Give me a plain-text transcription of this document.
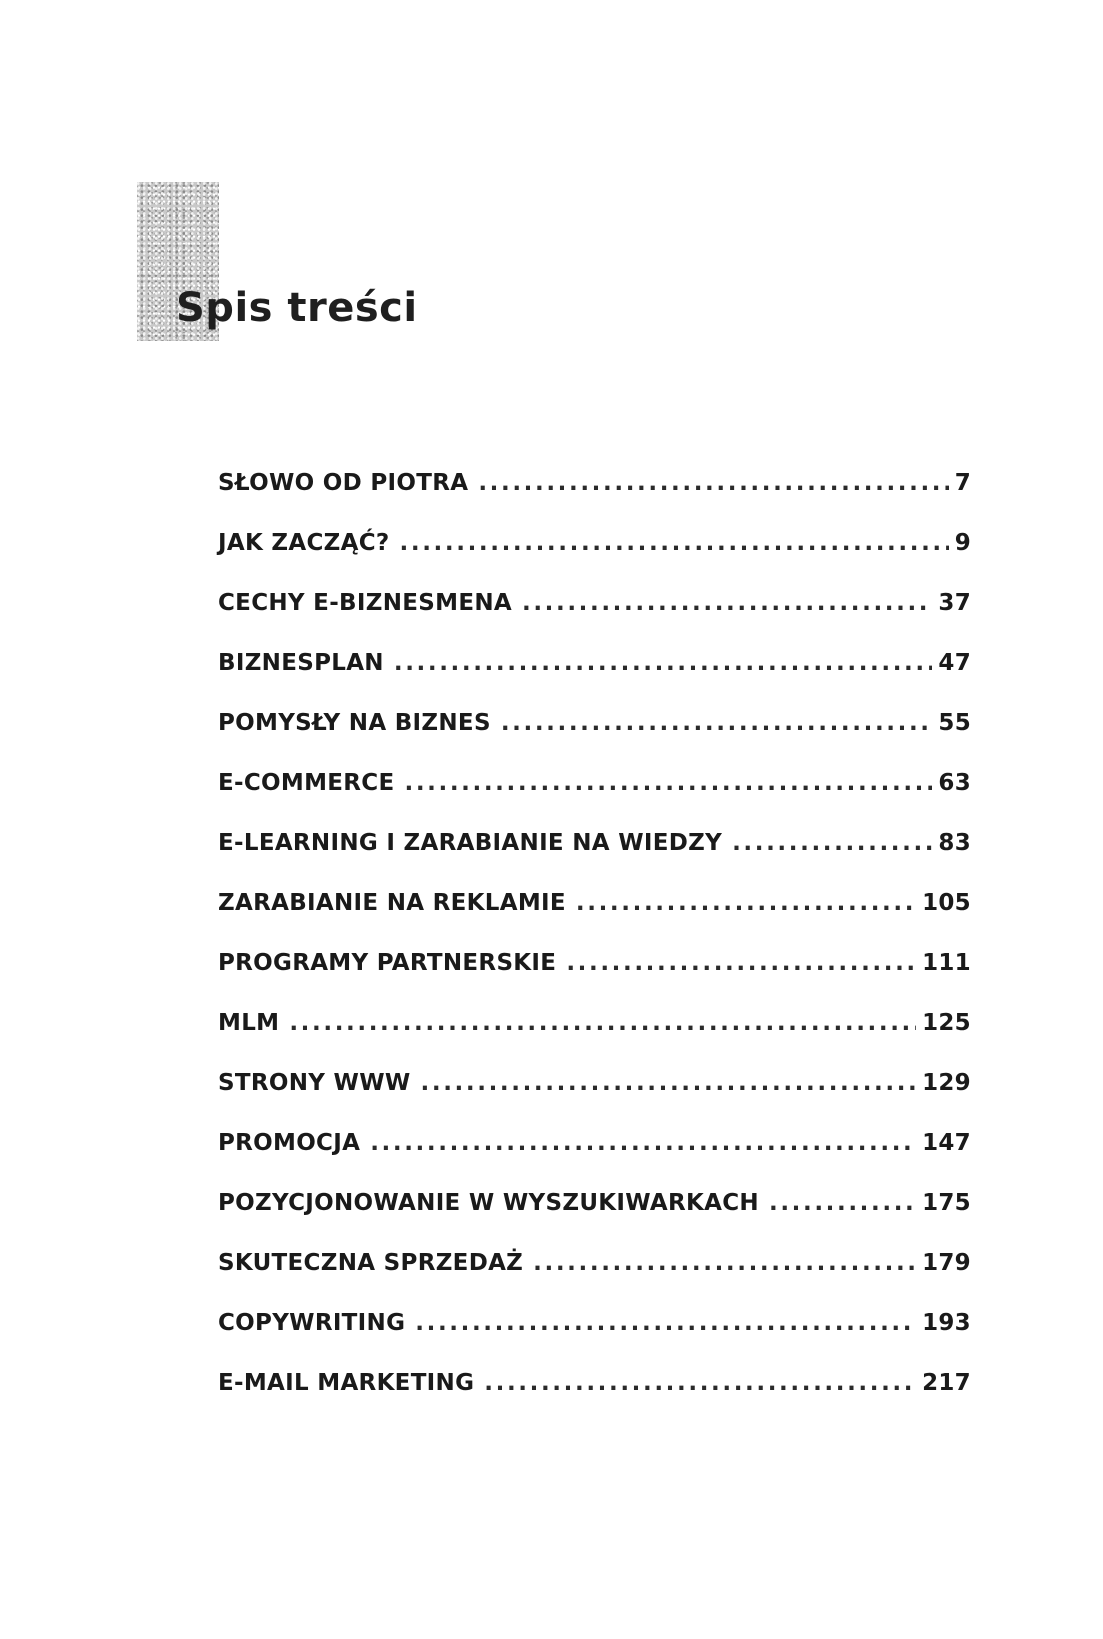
Spis treści
SŁOWO OD PIOTRA .....	7
JAK ZACZĄĆ? .....	9
CECHY E-BIZNESMENA .....	37
BIZNESPLAN .....	47
POMYSŁY NA BIZNES .....	55
E-COMMERCE .....	63
E-LEARNING I ZARABIANIE NA WIEDZY .....	83
ZARABIANIE NA REKLAMIE .....	105
PROGRAMY PARTNERSKIE .....	111
MLM .....	125
STRONY WWW .....	129
PROMOCJA .....	147
POZYCJONOWANIE W WYSZUKIWARKACH .....	175
SKUTECZNA SPRZEDAŻ .....	179
COPYWRITING .....	193
E-MAIL MARKETING .....	217
